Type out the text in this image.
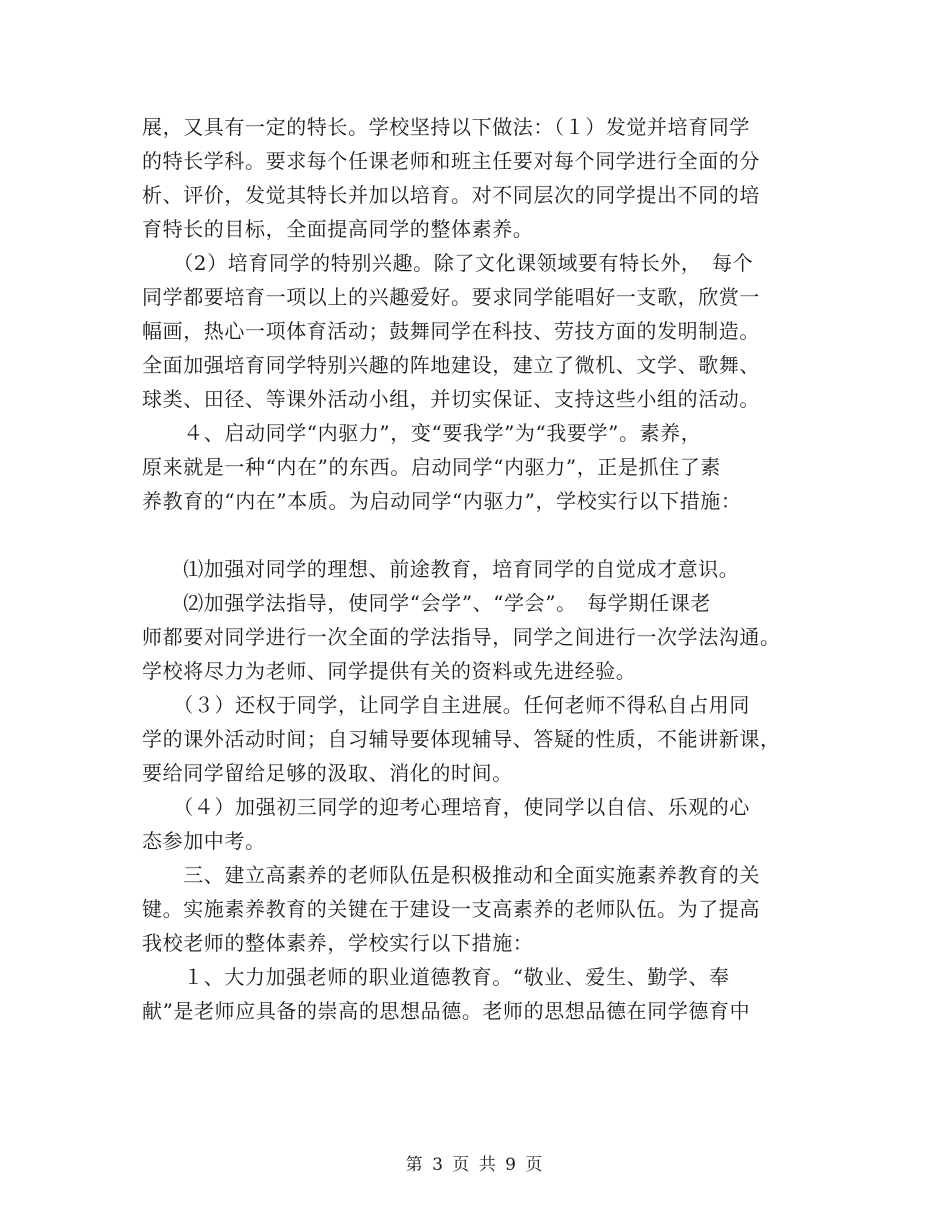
展，又具有一定的特长。学校坚持以下做法：（１）发觉并培育同学
的特长学科。要求每个任课老师和班主任要对每个同学进行全面的分
析、评价，发觉其特长并加以培育。对不同层次的同学提出不同的培
育特长的目标，全面提高同学的整体素养。
　　（2）培育同学的特别兴趣。除了文化课领域要有特长外，　每个
同学都要培育一项以上的兴趣爱好。要求同学能唱好一支歌，欣赏一
幅画，热心一项体育活动；鼓舞同学在科技、劳技方面的发明制造。
全面加强培育同学特别兴趣的阵地建设，建立了微机、文学、歌舞、
球类、田径、等课外活动小组，并切实保证、支持这些小组的活动。
　　４、启动同学“内驱力”，变“要我学”为“我要学”。素养，
原来就是一种“内在”的东西。启动同学“内驱力”，正是抓住了素
养教育的“内在”本质。为启动同学“内驱力”，学校实行以下措施：
　　⑴加强对同学的理想、前途教育，培育同学的自觉成才意识。
　　⑵加强学法指导，使同学“会学”、“学会”。　每学期任课老
师都要对同学进行一次全面的学法指导，同学之间进行一次学法沟通。
学校将尽力为老师、同学提供有关的资料或先进经验。
　　（３）还权于同学，让同学自主进展。任何老师不得私自占用同
学的课外活动时间；自习辅导要体现辅导、答疑的性质，不能讲新课，
要给同学留给足够的汲取、消化的时间。
　　（４）加强初三同学的迎考心理培育，使同学以自信、乐观的心
态参加中考。
　　三、建立高素养的老师队伍是积极推动和全面实施素养教育的关
键。实施素养教育的关键在于建设一支高素养的老师队伍。为了提高
我校老师的整体素养，学校实行以下措施：
　　１、大力加强老师的职业道德教育。“敬业、爱生、勤学、奉
献”是老师应具备的崇高的思想品德。老师的思想品德在同学德育中
第 3 页 共 9 页
